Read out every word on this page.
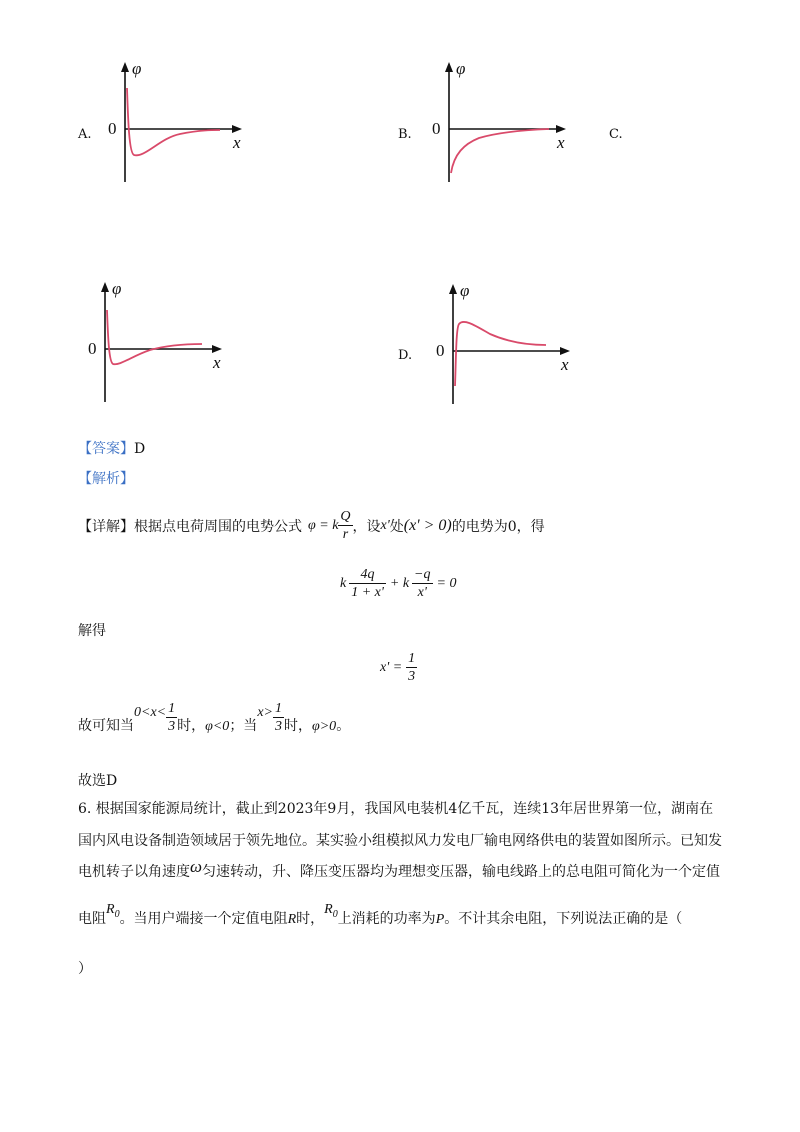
A.
φ
x
0	B.
φ
x
0	C.
φ
x
0	D.
φ
x
0
【答案】D
【解析】
【详解】 根据点电荷周围的电势公式 φ = k $\frac{Q}{r}$ ，设 x' 处 (x' > 0) 的电势为0，得
k $\frac{4q}{1 + x'} + k \frac{-q}{x'} = 0$
解得
$x' = \frac{1}{3}$
故可知当
$0<x< \frac{1}{3}$ 时， φ<0 ；当
$x> \frac{1}{3}$ 时， φ>0 。
故选D
6. 根据国家能源局统计，截止到2023年9月，我国风电装机4亿千瓦，连续13年居世界第一位，湖南在
国内风电设备制造领域居于领先地位。某实验小组模拟风力发电厂输电网络供电的装置如图所示。已知发
电机转子以角速度ω匀速转动，升、降压变压器均为理想变压器，输电线路上的总电阻可简化为一个定值
电阻$R_0$。当用户端接一个定值电阻R时，$R_0$上消耗的功率为P。不计其余电阻，下列说法正确的是（
）
